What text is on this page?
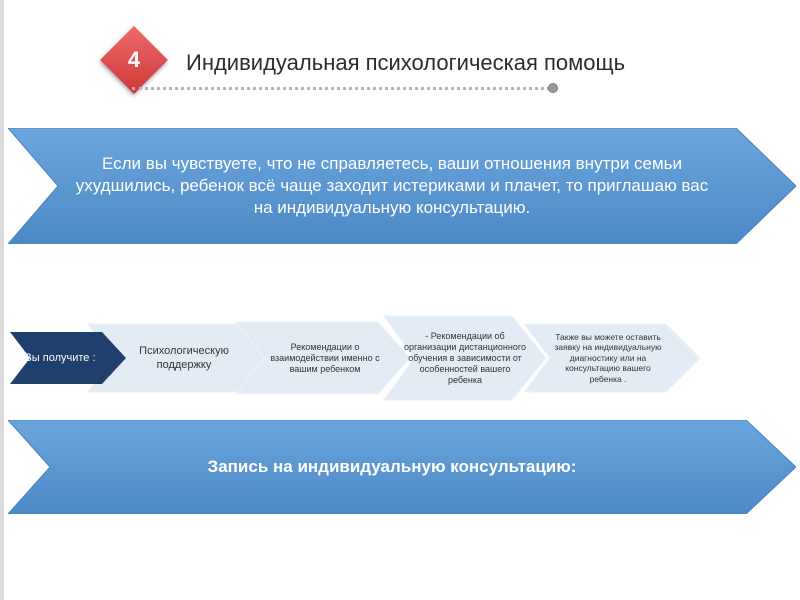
4	Индивидуальная психологическая помощь
Если вы чувствуете, что не справляетесь, ваши отношения внутри семьи ухудшились, ребенок всё чаще заходит истериками и плачет, то приглашаю вас на индивидуальную консультацию.
Психологическую поддержку
Рекомендации о взаимодействии именно с вашим ребенком
- Рекомендации об организации дистанционного обучения в зависимости от особенностей вашего ребенка
Также вы можете оставить заявку на индивидуальную диагностику или на консультацию вашего ребенка .
Вы получите :
Запись на индивидуальную консультацию:
